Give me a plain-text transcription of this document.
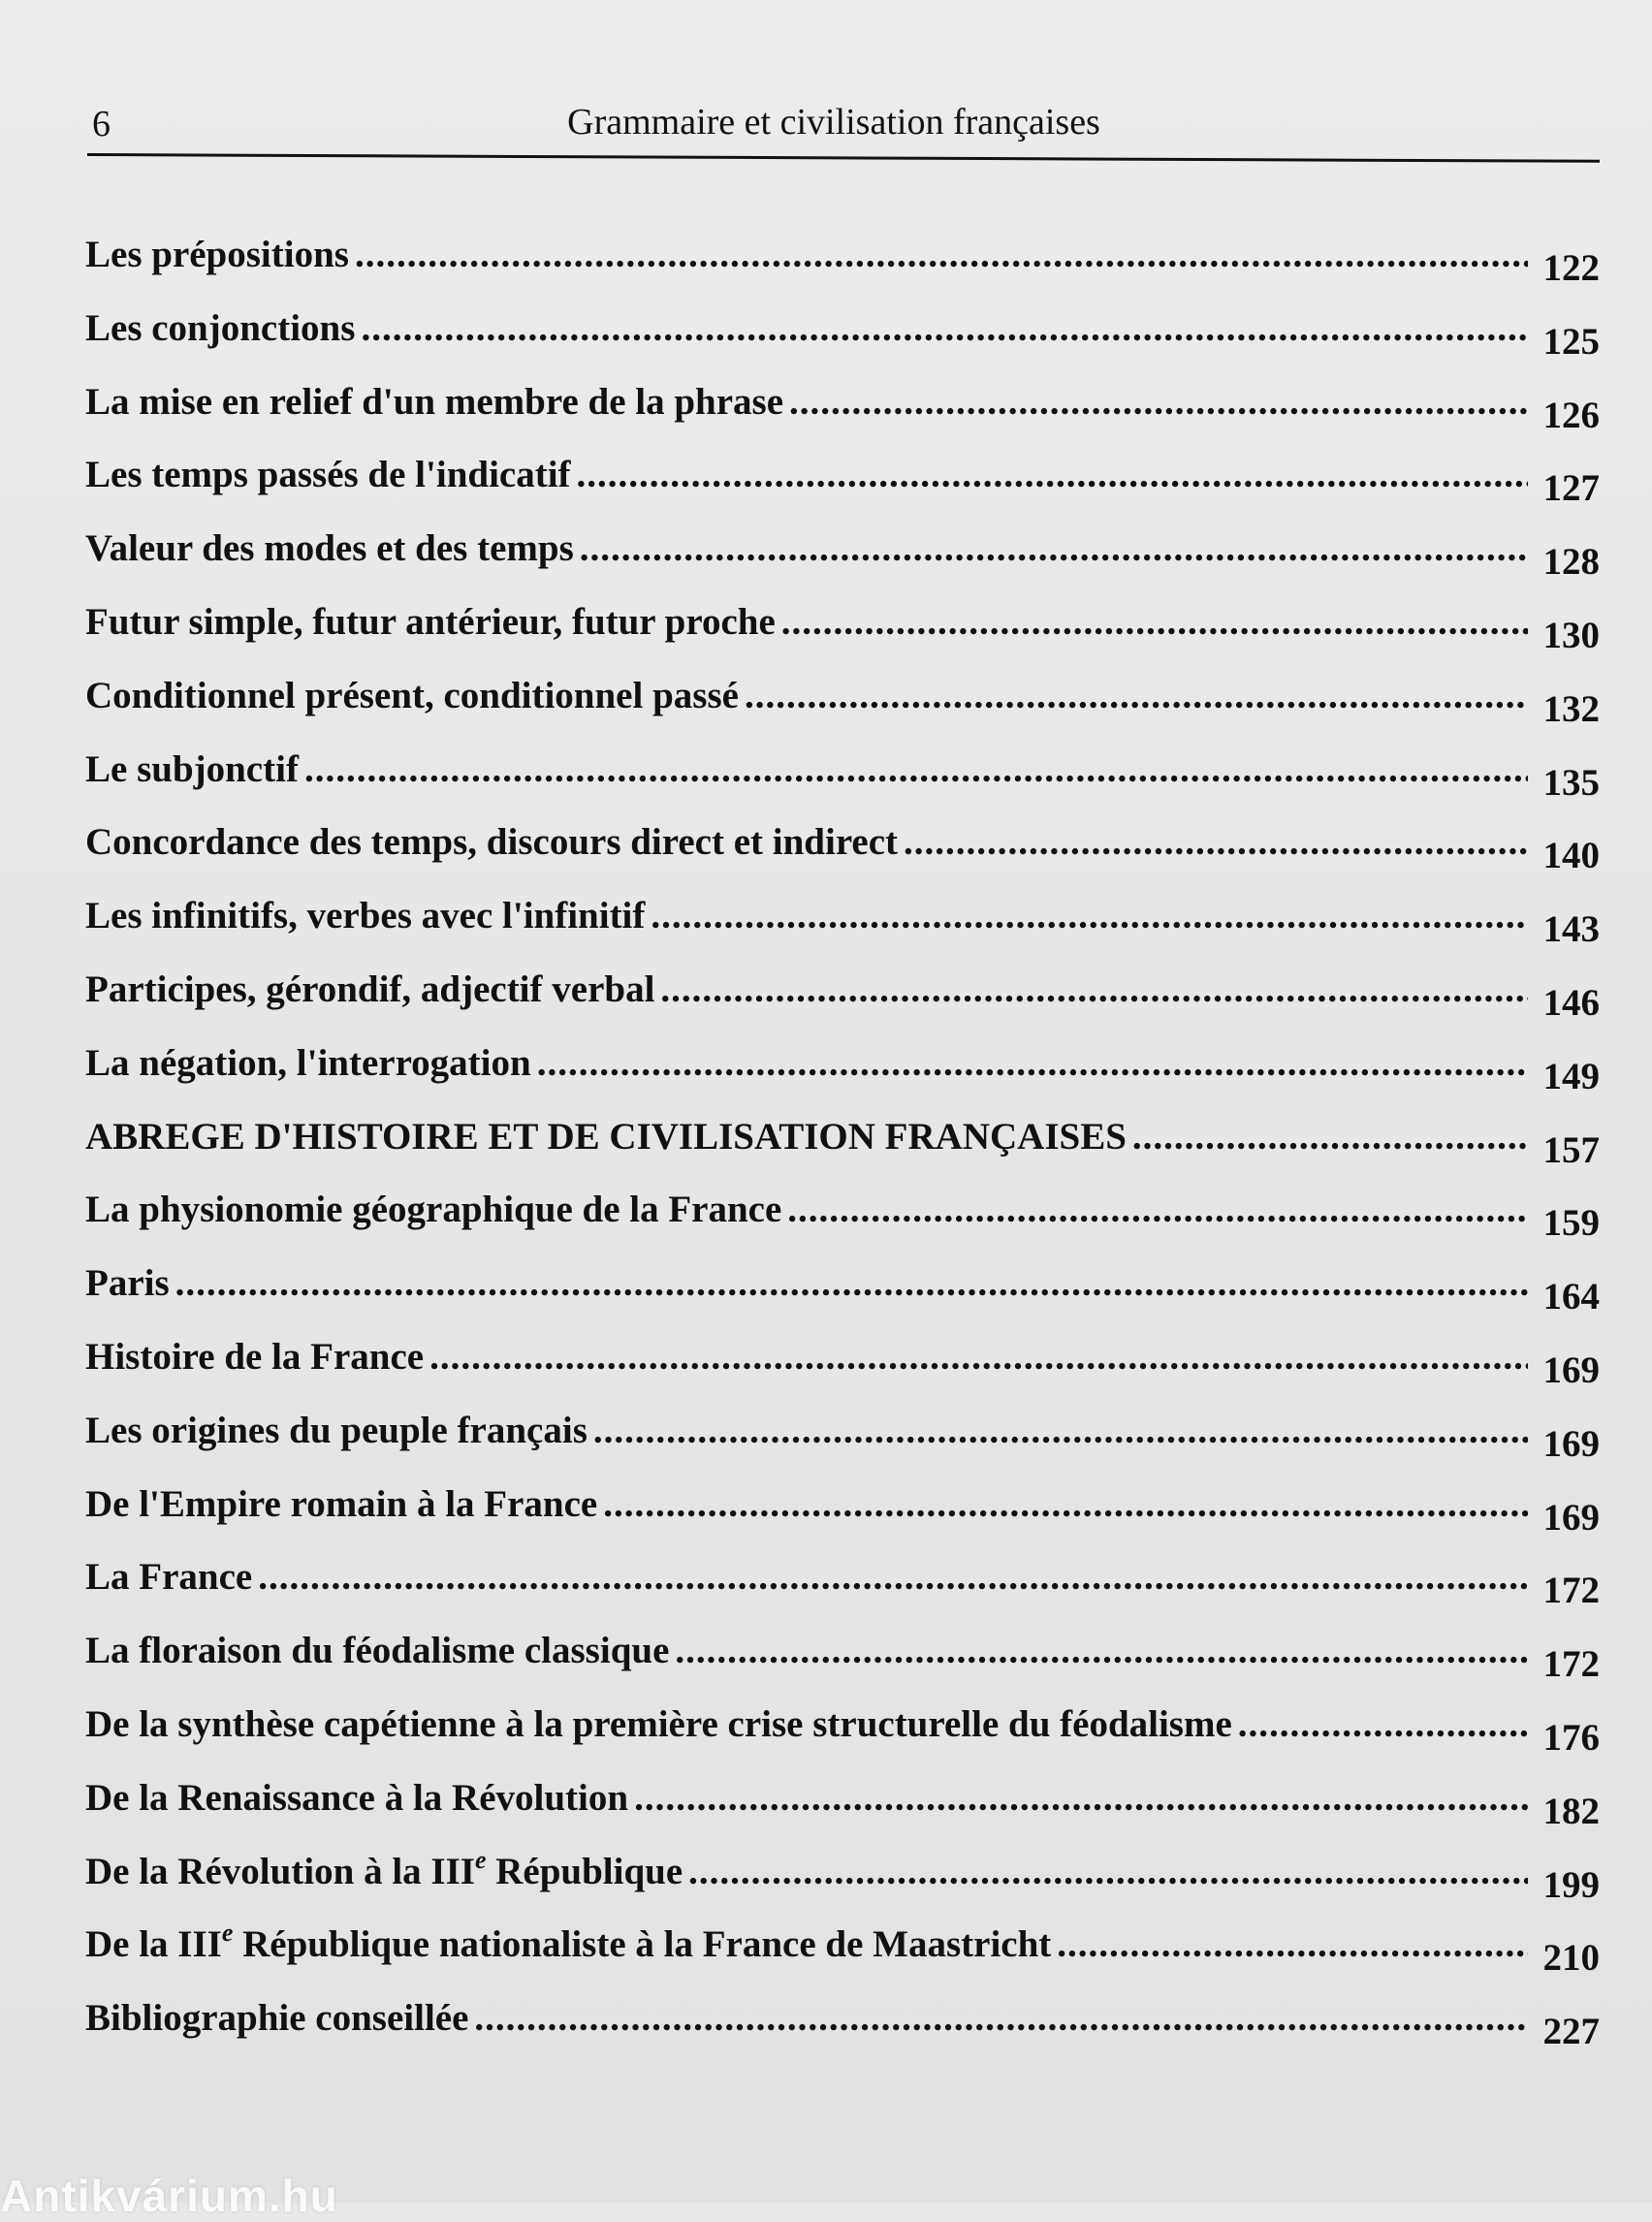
6	Grammaire et civilisation françaises
Les prépositions .....	122
Les conjonctions .....	125
La mise en relief d'un membre de la phrase .....	126
Les temps passés de l'indicatif .....	127
Valeur des modes et des temps .....	128
Futur simple, futur antérieur, futur proche .....	130
Conditionnel présent, conditionnel passé .....	132
Le subjonctif .....	135
Concordance des temps, discours direct et indirect .....	140
Les infinitifs, verbes avec l'infinitif .....	143
Participes, gérondif, adjectif verbal .....	146
La négation, l'interrogation .....	149
ABREGE D'HISTOIRE ET DE CIVILISATION FRANÇAISES .....	157
La physionomie géographique de la France .....	159
Paris .....	164
Histoire de la France .....	169
Les origines du peuple français .....	169
De l'Empire romain à la France .....	169
La France .....	172
La floraison du féodalisme classique .....	172
De la synthèse capétienne à la première crise structurelle du féodalisme .....	176
De la Renaissance à la Révolution .....	182
De la Révolution à la IIIe République .....	199
De la IIIe République nationaliste à la France de Maastricht .....	210
Bibliographie conseillée .....	227
Antikvárium.hu
